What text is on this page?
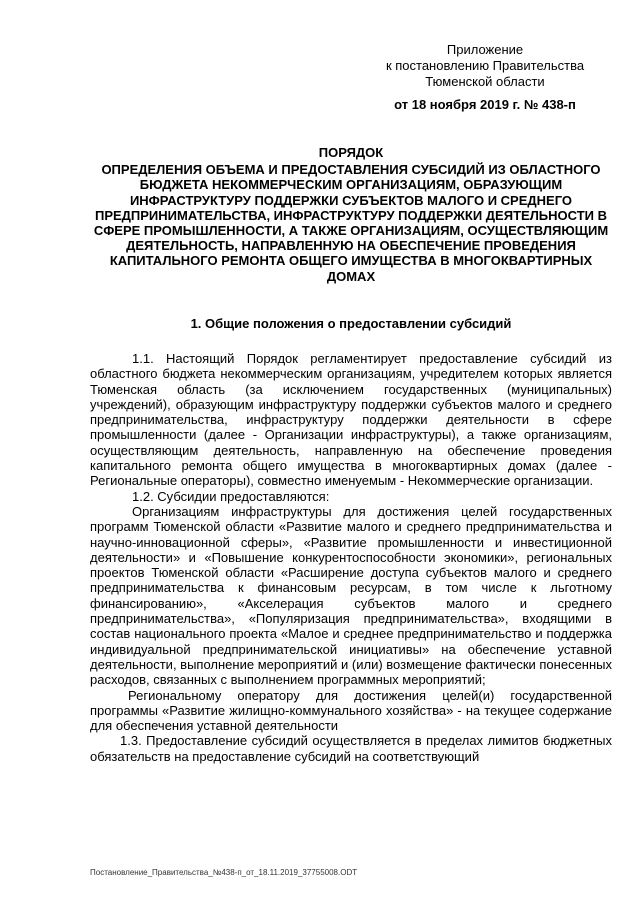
Приложение
к постановлению Правительства
Тюменской области
от 18 ноября 2019 г. № 438-п
ПОРЯДОК
ОПРЕДЕЛЕНИЯ ОБЪЕМА И ПРЕДОСТАВЛЕНИЯ СУБСИДИЙ ИЗ ОБЛАСТНОГО БЮДЖЕТА НЕКОММЕРЧЕСКИМ ОРГАНИЗАЦИЯМ, ОБРАЗУЮЩИМ ИНФРАСТРУКТУРУ ПОДДЕРЖКИ СУБЪЕКТОВ МАЛОГО И СРЕДНЕГО ПРЕДПРИНИМАТЕЛЬСТВА, ИНФРАСТРУКТУРУ ПОДДЕРЖКИ ДЕЯТЕЛЬНОСТИ В СФЕРЕ ПРОМЫШЛЕННОСТИ, А ТАКЖЕ ОРГАНИЗАЦИЯМ, ОСУЩЕСТВЛЯЮЩИМ ДЕЯТЕЛЬНОСТЬ, НАПРАВЛЕННУЮ НА ОБЕСПЕЧЕНИЕ ПРОВЕДЕНИЯ КАПИТАЛЬНОГО РЕМОНТА ОБЩЕГО ИМУЩЕСТВА В МНОГОКВАРТИРНЫХ ДОМАХ
1. Общие положения о предоставлении субсидий

1.1. Настоящий Порядок регламентирует предоставление субсидий из областного бюджета некоммерческим организациям, учредителем которых является Тюменская область (за исключением государственных (муниципальных) учреждений), образующим инфраструктуру поддержки субъектов малого и среднего предпринимательства, инфраструктуру поддержки деятельности в сфере промышленности (далее - Организации инфраструктуры), а также организациям, осуществляющим деятельность, направленную на обеспечение проведения капитального ремонта общего имущества в многоквартирных домах (далее - Региональные операторы), совместно именуемым - Некоммерческие организации.

1.2. Субсидии предоставляются:

Организациям инфраструктуры для достижения целей государственных программ Тюменской области «Развитие малого и среднего предпринимательства и научно-инновационной сферы», «Развитие промышленности и инвестиционной деятельности» и «Повышение конкурентоспособности экономики», региональных проектов Тюменской области «Расширение доступа субъектов малого и среднего предпринимательства к финансовым ресурсам, в том числе к льготному финансированию», «Акселерация субъектов малого и среднего предпринимательства», «Популяризация предпринимательства», входящими в состав национального проекта «Малое и среднее предпринимательство и поддержка индивидуальной предпринимательской инициативы» на обеспечение уставной деятельности, выполнение мероприятий и (или) возмещение фактически понесенных расходов, связанных с выполнением программных мероприятий;

Региональному оператору для достижения целей(и) государственной программы «Развитие жилищно-коммунального хозяйства» - на текущее содержание для обеспечения уставной деятельности

1.3. Предоставление субсидий осуществляется в пределах лимитов бюджетных обязательств на предоставление субсидий на соответствующий

Постановление_Правительства_№438-п_от_18.11.2019_37755008.ODT
